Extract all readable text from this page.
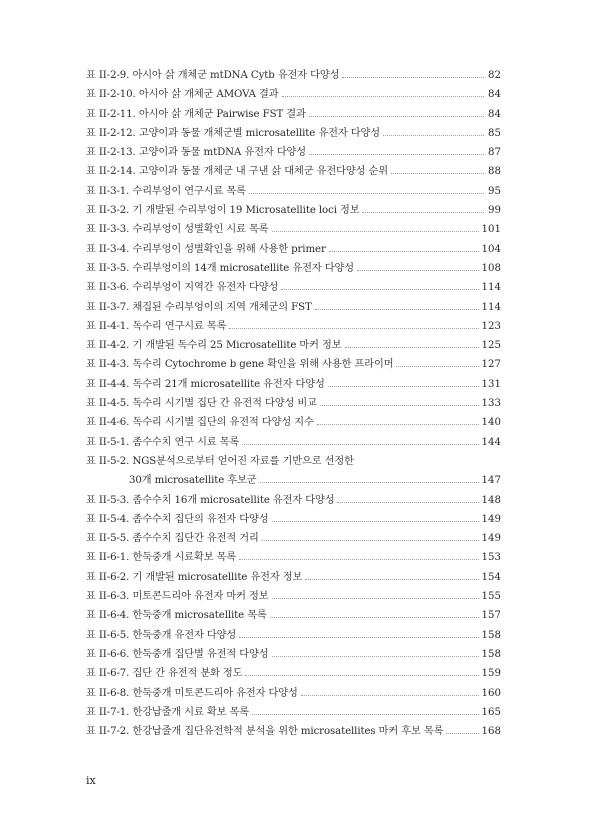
표 II-2-9. 아시아 삵 개체군 mtDNA Cytb 유전자 다양성	82
표 II-2-10. 아시아 삵 개체군 AMOVA 결과	84
표 II-2-11. 아시아 삵 개체군 Pairwise FST 결과	84
표 II-2-12. 고양이과 동물 개체군별 microsatellite 유전자 다양성	85
표 II-2-13. 고양이과 동물 mtDNA 유전자 다양성	87
표 II-2-14. 고양이과 동물 개체군 내 구낸 삵 대체군 유전다양성 순위	88
표 II-3-1. 수리부엉이 연구시료 목록	95
표 II-3-2. 기 개발된 수리부엉이 19 Microsatellite loci 정보	99
표 II-3-3. 수리부엉이 성별확인 시료 목록	101
표 II-3-4. 수리부엉이 성별확인을 위해 사용한 primer	104
표 II-3-5. 수리부엉이의 14개 microsatellite 유전자 다양성	108
표 II-3-6. 수리부엉이 지역간 유전자 다양성	114
표 II-3-7. 채집된 수리부엉이의 지역 개체군의 FST	114
표 II-4-1. 독수리 연구시료 목록	123
표 II-4-2. 기 개발된 독수리 25 Microsatellite 마커 정보	125
표 II-4-3. 독수리 Cytochrome b gene 확인을 위해 사용한 프라이머	127
표 II-4-4. 독수리 21개 microsatellite 유전자 다양성	131
표 II-4-5. 독수리 시기별 집단 간 유전적 다양성 비교	133
표 II-4-6. 독수리 시기별 집단의 유전적 다양성 지수	140
표 II-5-1. 좀수수치 연구 시료 목록	144
표 II-5-2. NGS분석으로부터 얻어진 자료를 기반으로 선정한
30개 microsatellite 후보군	147
표 II-5-3. 좀수수치 16개 microsatellite 유전자 다양성	148
표 II-5-4. 좀수수치 집단의 유전자 다양성	149
표 II-5-5. 좀수수치 집단간 유전적 거리	149
표 II-6-1. 한둑중개 시료확보 목록	153
표 II-6-2. 기 개발된 microsatellite 유전자 정보	154
표 II-6-3. 미토콘드리아 유전자 마커 정보	155
표 II-6-4. 한둑중개 microsatellite 목록	157
표 II-6-5. 한둑중개 유전자 다양성	158
표 II-6-6. 한둑중개 집단별 유전적 다양성	158
표 II-6-7. 집단 간 유전적 분화 정도	159
표 II-6-8. 한둑중개 미토콘드리아 유전자 다양성	160
표 II-7-1. 한강납줄개 시료 확보 목록	165
표 II-7-2. 한강납줄개 집단유전학적 분석을 위한 microsatellites 마커 후보 목록	168
ix
